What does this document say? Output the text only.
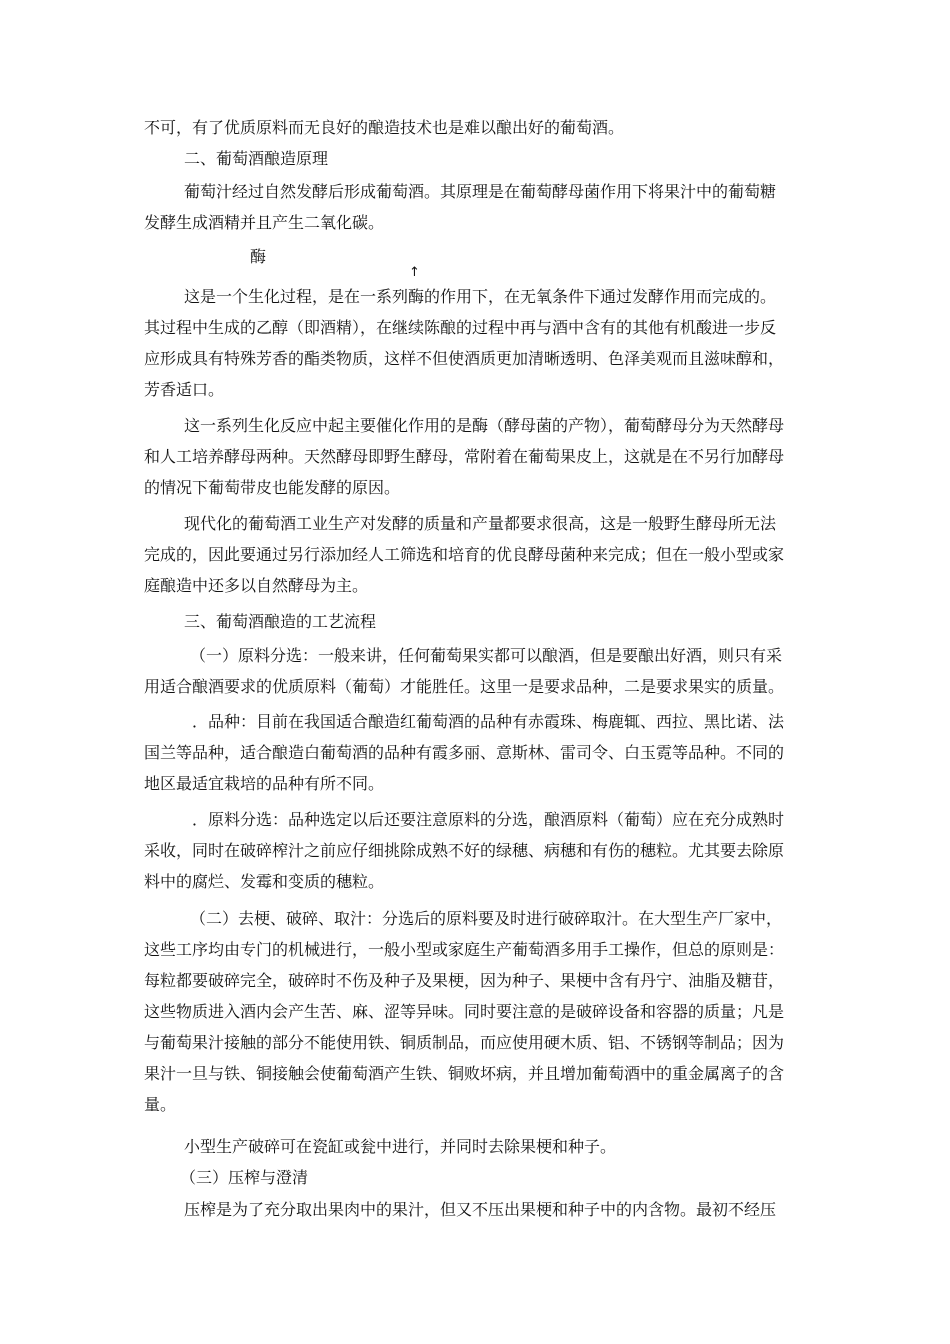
不可，有了优质原料而无良好的酿造技术也是难以酿出好的葡萄酒。
二、葡萄酒酿造原理
葡萄汁经过自然发酵后形成葡萄酒。其原理是在葡萄酵母菌作用下将果汁中的葡萄糖
发酵生成酒精并且产生二氧化碳。
酶
↑
这是一个生化过程，是在一系列酶的作用下，在无氧条件下通过发酵作用而完成的。
其过程中生成的乙醇（即酒精），在继续陈酿的过程中再与酒中含有的其他有机酸进一步反
应形成具有特殊芳香的酯类物质，这样不但使酒质更加清晰透明、色泽美观而且滋味醇和，
芳香适口。
这一系列生化反应中起主要催化作用的是酶（酵母菌的产物），葡萄酵母分为天然酵母
和人工培养酵母两种。天然酵母即野生酵母，常附着在葡萄果皮上，这就是在不另行加酵母
的情况下葡萄带皮也能发酵的原因。
现代化的葡萄酒工业生产对发酵的质量和产量都要求很高，这是一般野生酵母所无法
完成的，因此要通过另行添加经人工筛选和培育的优良酵母菌种来完成；但在一般小型或家
庭酿造中还多以自然酵母为主。
三、葡萄酒酿造的工艺流程
（一）原料分选：一般来讲，任何葡萄果实都可以酿酒，但是要酿出好酒，则只有采
用适合酿酒要求的优质原料（葡萄）才能胜任。这里一是要求品种，二是要求果实的质量。
．品种：目前在我国适合酿造红葡萄酒的品种有赤霞珠、梅鹿辄、西拉、黑比诺、法
国兰等品种，适合酿造白葡萄酒的品种有霞多丽、意斯林、雷司令、白玉霓等品种。不同的
地区最适宜栽培的品种有所不同。
．原料分选：品种选定以后还要注意原料的分选，酿酒原料（葡萄）应在充分成熟时
采收，同时在破碎榨汁之前应仔细挑除成熟不好的绿穗、病穗和有伤的穗粒。尤其要去除原
料中的腐烂、发霉和变质的穗粒。
（二）去梗、破碎、取汁：分选后的原料要及时进行破碎取汁。在大型生产厂家中，
这些工序均由专门的机械进行，一般小型或家庭生产葡萄酒多用手工操作，但总的原则是：
每粒都要破碎完全，破碎时不伤及种子及果梗，因为种子、果梗中含有丹宁、油脂及糖苷，
这些物质进入酒内会产生苦、麻、涩等异味。同时要注意的是破碎设备和容器的质量；凡是
与葡萄果汁接触的部分不能使用铁、铜质制品，而应使用硬木质、铝、不锈钢等制品；因为
果汁一旦与铁、铜接触会使葡萄酒产生铁、铜败坏病，并且增加葡萄酒中的重金属离子的含
量。
小型生产破碎可在瓷缸或瓮中进行，并同时去除果梗和种子。
（三）压榨与澄清
压榨是为了充分取出果肉中的果汁，但又不压出果梗和种子中的内含物。最初不经压
